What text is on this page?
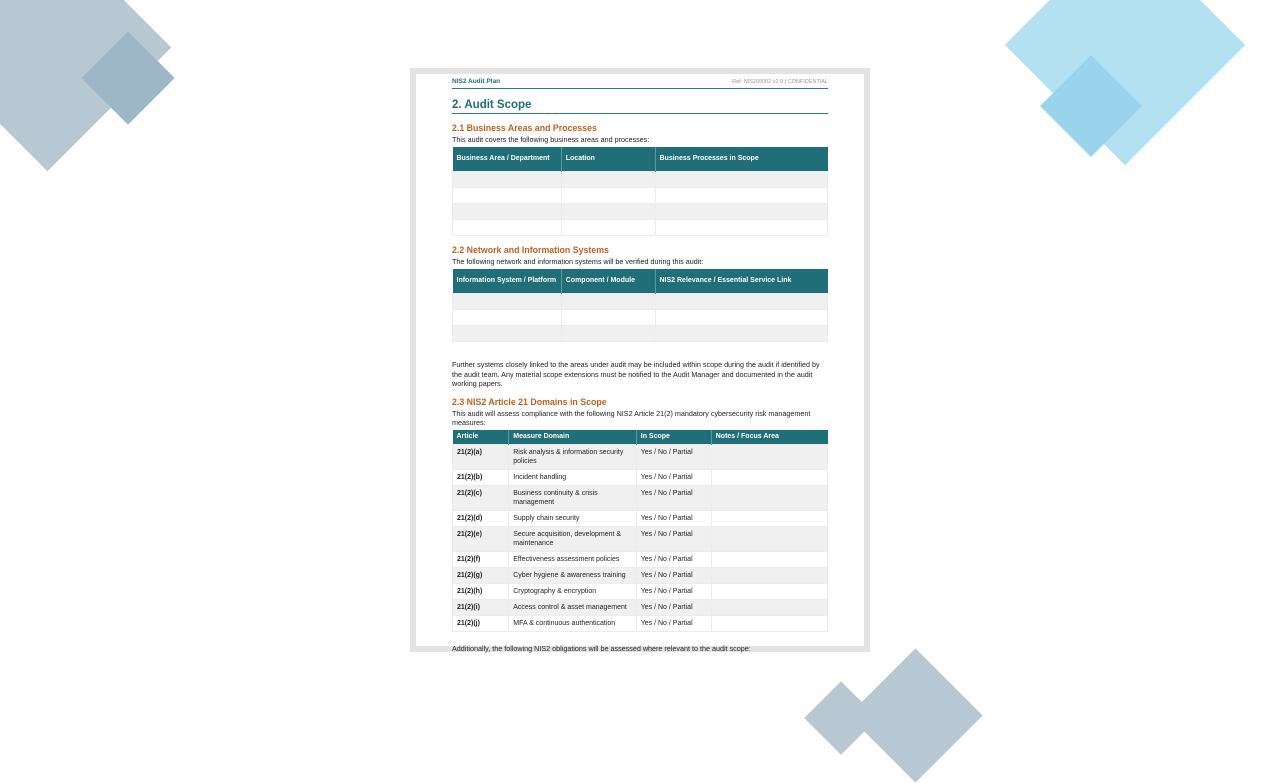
NIS2 Audit Plan	Ref: NIS209002 v2.0 | CONFIDENTIAL
2. Audit Scope
2.1 Business Areas and Processes

This audit covers the following business areas and processes:

Business Area / Department	Location	Business Processes in Scope

2.2 Network and Information Systems

The following network and information systems will be verified during this audit:

Information System / Platform	Component / Module	NIS2 Relevance / Essential Service Link

Further systems closely linked to the areas under audit may be included within scope during the audit if identified by the audit team. Any material scope extensions must be notified to the Audit Manager and documented in the audit working papers.

2.3 NIS2 Article 21 Domains in Scope

This audit will assess compliance with the following NIS2 Article 21(2) mandatory cybersecurity risk management measures:

Article	Measure Domain	In Scope	Notes / Focus Area
21(2)(a)	Risk analysis & information security policies	Yes / No / Partial	
21(2)(b)	Incident handling	Yes / No / Partial	
21(2)(c)	Business continuity & crisis management	Yes / No / Partial	
21(2)(d)	Supply chain security	Yes / No / Partial	
21(2)(e)	Secure acquisition, development & maintenance	Yes / No / Partial	
21(2)(f)	Effectiveness assessment policies	Yes / No / Partial	
21(2)(g)	Cyber hygiene & awareness training	Yes / No / Partial	
21(2)(h)	Cryptography & encryption	Yes / No / Partial	
21(2)(i)	Access control & asset management	Yes / No / Partial	
21(2)(j)	MFA & continuous authentication	Yes / No / Partial	

Additionally, the following NIS2 obligations will be assessed where relevant to the audit scope:
